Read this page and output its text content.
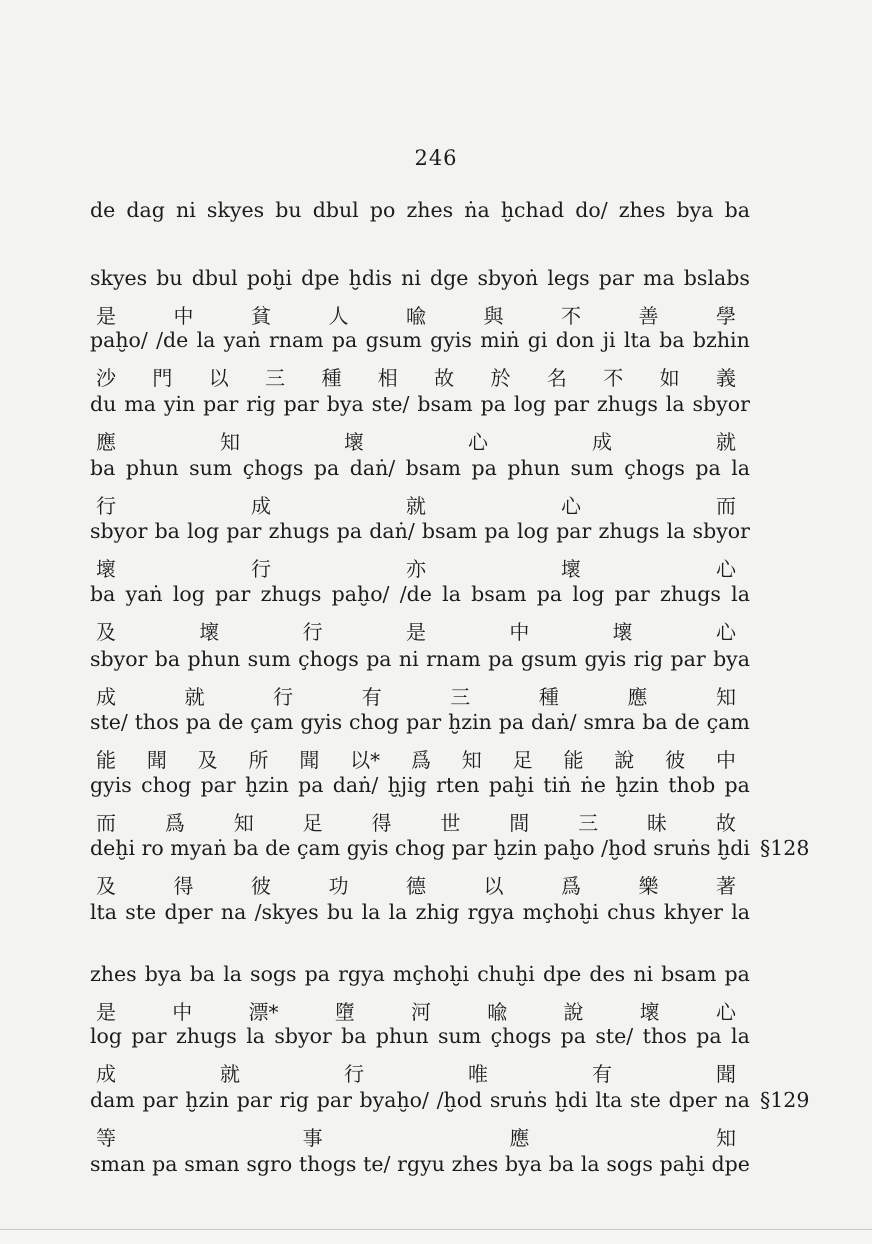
246
de dag ni skyes bu dbul po zhes ṅa ḫchad do/ zhes bya ba
skyes bu dbul poḫi dpe ḫdis ni dge sbyoṅ legs par ma bslabs
是	中	貧	人	喩	與	不	善	學
paḫo/ /de la yaṅ rnam pa gsum gyis miṅ gi don ji lta ba bzhin
沙 門 以 三 種 相 故 於 名 不 如 義
du ma yin par rig par bya ste/ bsam pa log par zhugs la sbyor
應	知	壞	心	成	就
ba phun sum çhogs pa daṅ/ bsam pa phun sum çhogs pa la
行	成	就	心	而
sbyor ba log par zhugs pa daṅ/ bsam pa log par zhugs la sbyor
壞	行	亦	壞	心
ba yaṅ log par zhugs paḫo/ /de la bsam pa log par zhugs la
及	壞	行	是	中	壞	心
sbyor ba phun sum çhogs pa ni rnam pa gsum gyis rig par bya
成	就	行	有	三	種	應	知
ste/ thos pa de çam gyis chog par ḫzin pa daṅ/ smra ba de çam
能 聞 及 所 聞 以* 爲 知 足 能 說 彼 中
gyis chog par ḫzin pa daṅ/ ḫjig rten paḫi tiṅ ṅe ḫzin thob pa
而 爲 知 足 得 世 間 三 昧 故
deḫi ro myaṅ ba de çam gyis chog par ḫzin paḫo /ḫod sruṅs ḫdi §128
及	得	彼	功	德	以	爲	樂	著
lta ste dper na /skyes bu la la zhig rgya mçhoḫi chus khyer la
zhes bya ba la sogs pa rgya mçhoḫi chuḫi dpe des ni bsam pa
是	中	漂*	墮	河	喩	說	壞	心
log par zhugs la sbyor ba phun sum çhogs pa ste/ thos pa la
成	就	行	唯	有	聞
dam par ḫzin par rig par byaḫo/ /ḫod sruṅs ḫdi lta ste dper na §129
等	事	應	知
sman pa sman sgro thogs te/ rgyu zhes bya ba la sogs paḫi dpe
